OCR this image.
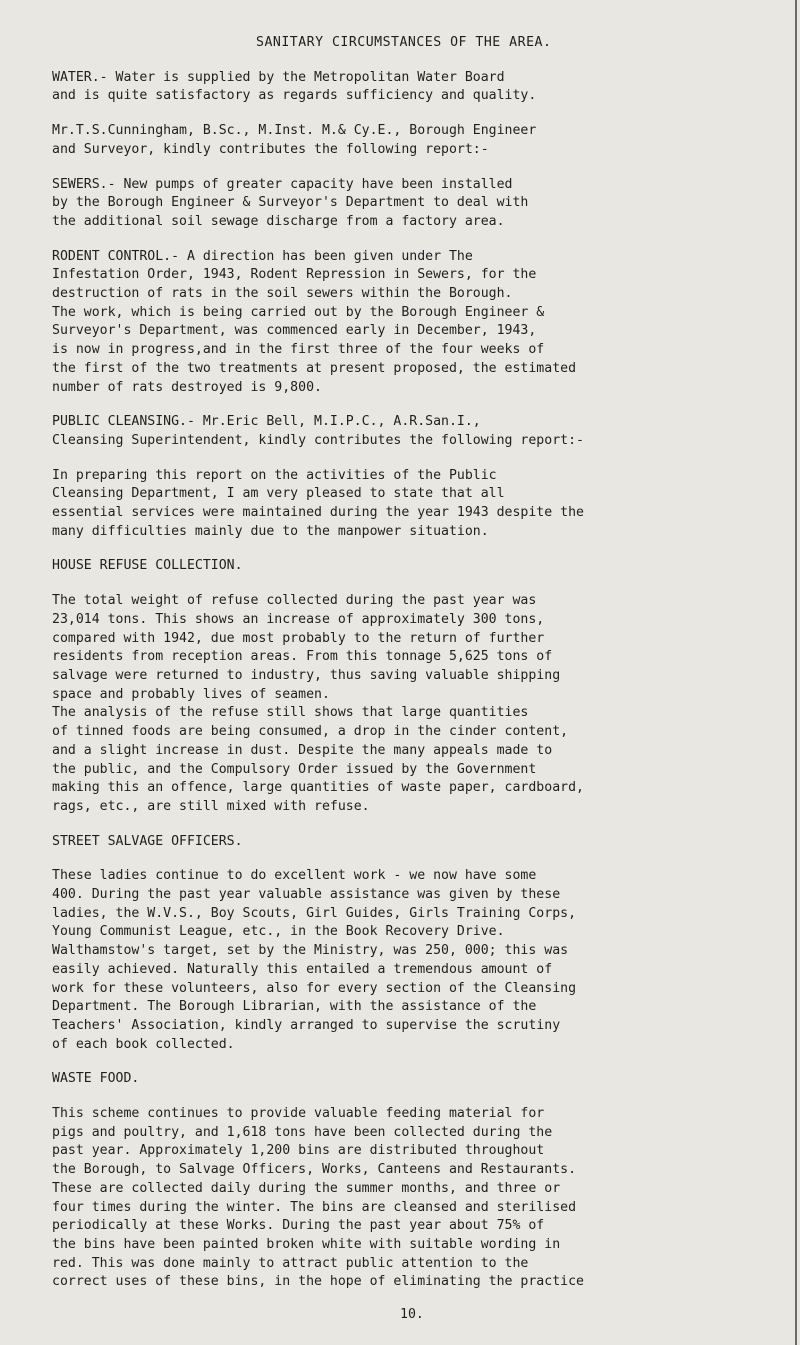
SANITARY CIRCUMSTANCES OF THE AREA.

WATER.- Water is supplied by the Metropolitan Water Board
and is quite satisfactory as regards sufficiency and quality.

Mr.T.S.Cunningham, B.Sc., M.Inst. M.& Cy.E., Borough Engineer
and Surveyor, kindly contributes the following report:-

SEWERS.- New pumps of greater capacity have been installed
by the Borough Engineer & Surveyor's Department to deal with
the additional soil sewage discharge from a factory area.

RODENT CONTROL.- A direction has been given under The
Infestation Order, 1943, Rodent Repression in Sewers, for the
destruction of rats in the soil sewers within the Borough.
The work, which is being carried out by the Borough Engineer &
Surveyor's Department, was commenced early in December, 1943,
is now in progress,and in the first three of the four weeks of
the first of the two treatments at present proposed, the estimated
number of rats destroyed is 9,800.

PUBLIC CLEANSING.- Mr.Eric Bell, M.I.P.C., A.R.San.I.,
Cleansing Superintendent, kindly contributes the following report:-

In preparing this report on the activities of the Public
Cleansing Department, I am very pleased to state that all
essential services were maintained during the year 1943 despite the
many difficulties mainly due to the manpower situation.

HOUSE REFUSE COLLECTION.

The total weight of refuse collected during the past year was
23,014 tons. This shows an increase of approximately 300 tons,
compared with 1942, due most probably to the return of further
residents from reception areas. From this tonnage 5,625 tons of
salvage were returned to industry, thus saving valuable shipping
space and probably lives of seamen.
The analysis of the refuse still shows that large quantities
of tinned foods are being consumed, a drop in the cinder content,
and a slight increase in dust. Despite the many appeals made to
the public, and the Compulsory Order issued by the Government
making this an offence, large quantities of waste paper, cardboard,
rags, etc., are still mixed with refuse.

STREET SALVAGE OFFICERS.

These ladies continue to do excellent work - we now have some
400. During the past year valuable assistance was given by these
ladies, the W.V.S., Boy Scouts, Girl Guides, Girls Training Corps,
Young Communist League, etc., in the Book Recovery Drive.
Walthamstow's target, set by the Ministry, was 250, 000; this was
easily achieved. Naturally this entailed a tremendous amount of
work for these volunteers, also for every section of the Cleansing
Department. The Borough Librarian, with the assistance of the
Teachers' Association, kindly arranged to supervise the scrutiny
of each book collected.

WASTE FOOD.

This scheme continues to provide valuable feeding material for
pigs and poultry, and 1,618 tons have been collected during the
past year. Approximately 1,200 bins are distributed throughout
the Borough, to Salvage Officers, Works, Canteens and Restaurants.
These are collected daily during the summer months, and three or
four times during the winter. The bins are cleansed and sterilised
periodically at these Works. During the past year about 75% of
the bins have been painted broken white with suitable wording in
red. This was done mainly to attract public attention to the
correct uses of these bins, in the hope of eliminating the practice

10.
